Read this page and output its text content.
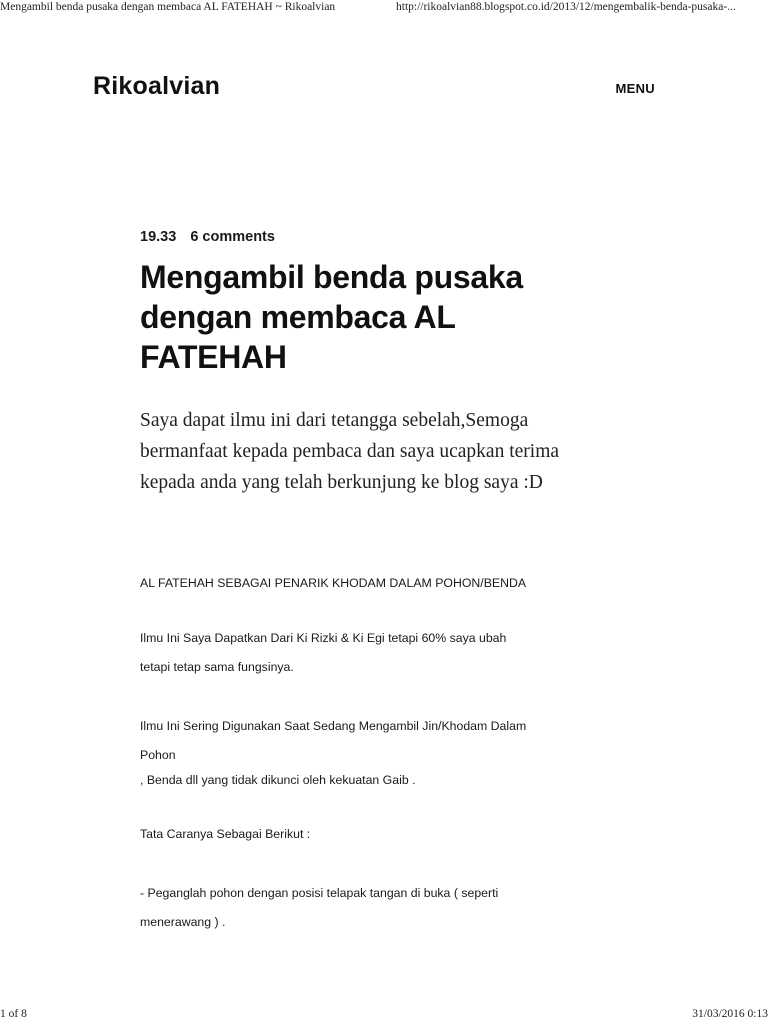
Mengambil benda pusaka dengan membaca AL FATEHAH ~ Rikoalvian	http://rikoalvian88.blogspot.co.id/2013/12/mengembalik-benda-pusaka-...
Rikoalvian	MENU
19.33 6 comments
Mengambil benda pusaka dengan membaca AL FATEHAH

Saya dapat ilmu ini dari tetangga sebelah,Semoga bermanfaat kepada pembaca dan saya ucapkan terima kepada anda yang telah berkunjung ke blog saya :D

AL FATEHAH SEBAGAI PENARIK KHODAM DALAM POHON/BENDA

Ilmu Ini Saya Dapatkan Dari Ki Rizki & Ki Egi tetapi 60% saya ubah

tetapi tetap sama fungsinya.

Ilmu Ini Sering Digunakan Saat Sedang Mengambil Jin/Khodam Dalam

Pohon

, Benda dll yang tidak dikunci oleh kekuatan Gaib .

Tata Caranya Sebagai Berikut :

- Peganglah pohon dengan posisi telapak tangan di buka ( seperti

menerawang ) .

1 of 8	31/03/2016 0:13
